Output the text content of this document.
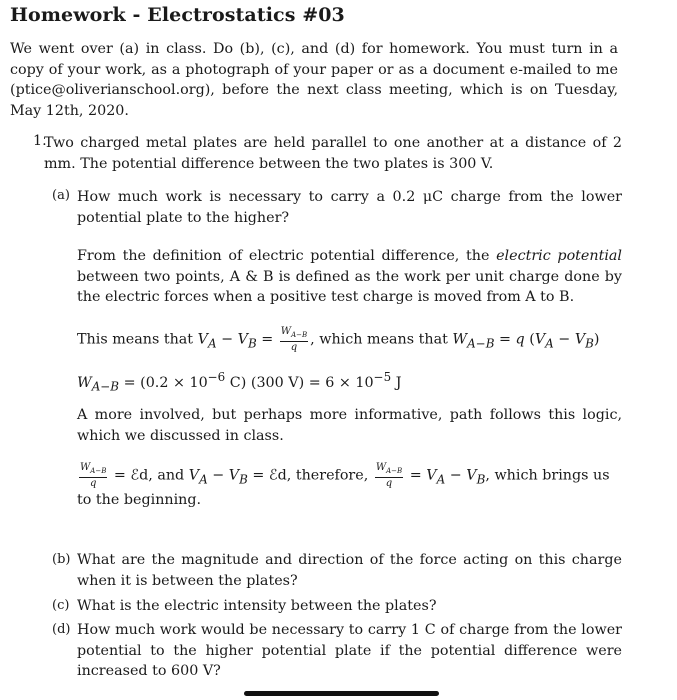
Homework - Electrostatics #03
We went over (a) in class. Do (b), (c), and (d) for homework. You must turn in a copy of your work, as a photograph of your paper or as a document e-mailed to me (ptice@oliverianschool.org), before the next class meeting, which is on Tuesday, May 12th, 2020.
1.
Two charged metal plates are held parallel to one another at a distance of 2 mm. The potential difference between the two plates is 300 V.
(a) How much work is necessary to carry a 0.2 μC charge from the lower potential plate to the higher?
From the definition of electric potential difference, the electric potential between two points, A & B is defined as the work per unit charge done by the electric forces when a positive test charge is moved from A to B.
This means that $V_A - V_B = \frac{W_{A-B}}{q}$ , which means that $W_{A-B} = q$ $(V_A - V_B)$
$W_{A-B} = (0.2 \times 10^{-6}$ C) (300 $V) = 6 \times 10^{-5}$ J
A more involved, but perhaps more informative, path follows this logic, which we discussed in class.
$\frac{W_{A-B}}{q}$ = ℰd, and $V_A - V_B$ = ℰd, therefore, $\frac{W_{A-B}}{q} = V_A - V_B$, which brings us to the beginning.
(b) What are the magnitude and direction of the force acting on this charge when it is between the plates?
(c) What is the electric intensity between the plates?
(d) How much work would be necessary to carry 1 C of charge from the lower potential to the higher potential plate if the potential difference were increased to 600 V?
